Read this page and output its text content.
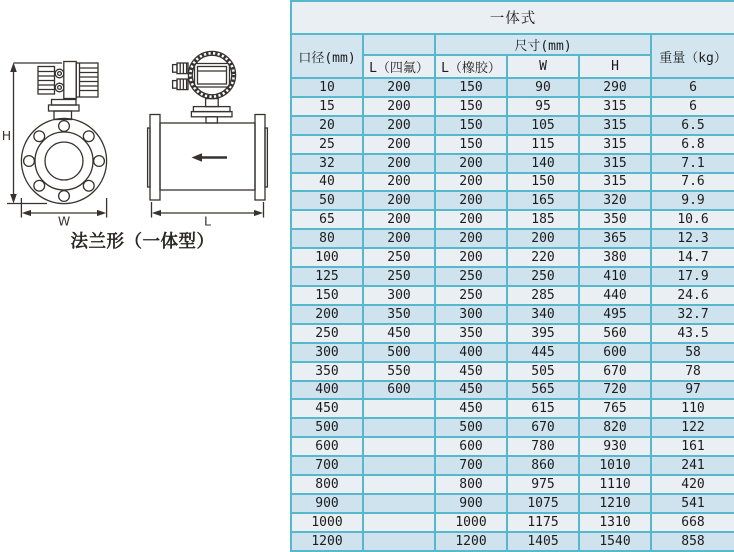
H
W	L
法兰形（一体型）
一体式					
口径(mm)		尺寸(mm)			重量（kg）
	L（四氟）	L（橡胶）	W	H	
10	200	150	90	290	6
15	200	150	95	315	6
20	200	150	105	315	6.5
25	200	150	115	315	6.8
32	200	200	140	315	7.1
40	200	200	150	315	7.6
50	200	200	165	320	9.9
65	200	200	185	350	10.6
80	200	200	200	365	12.3
100	250	200	220	380	14.7
125	250	250	250	410	17.9
150	300	250	285	440	24.6
200	350	300	340	495	32.7
250	450	350	395	560	43.5
300	500	400	445	600	58
350	550	450	505	670	78
400	600	450	565	720	97
450		450	615	765	110
500		500	670	820	122
600		600	780	930	161
700		700	860	1010	241
800		800	975	1110	420
900		900	1075	1210	541
1000		1000	1175	1310	668
1200		1200	1405	1540	858
